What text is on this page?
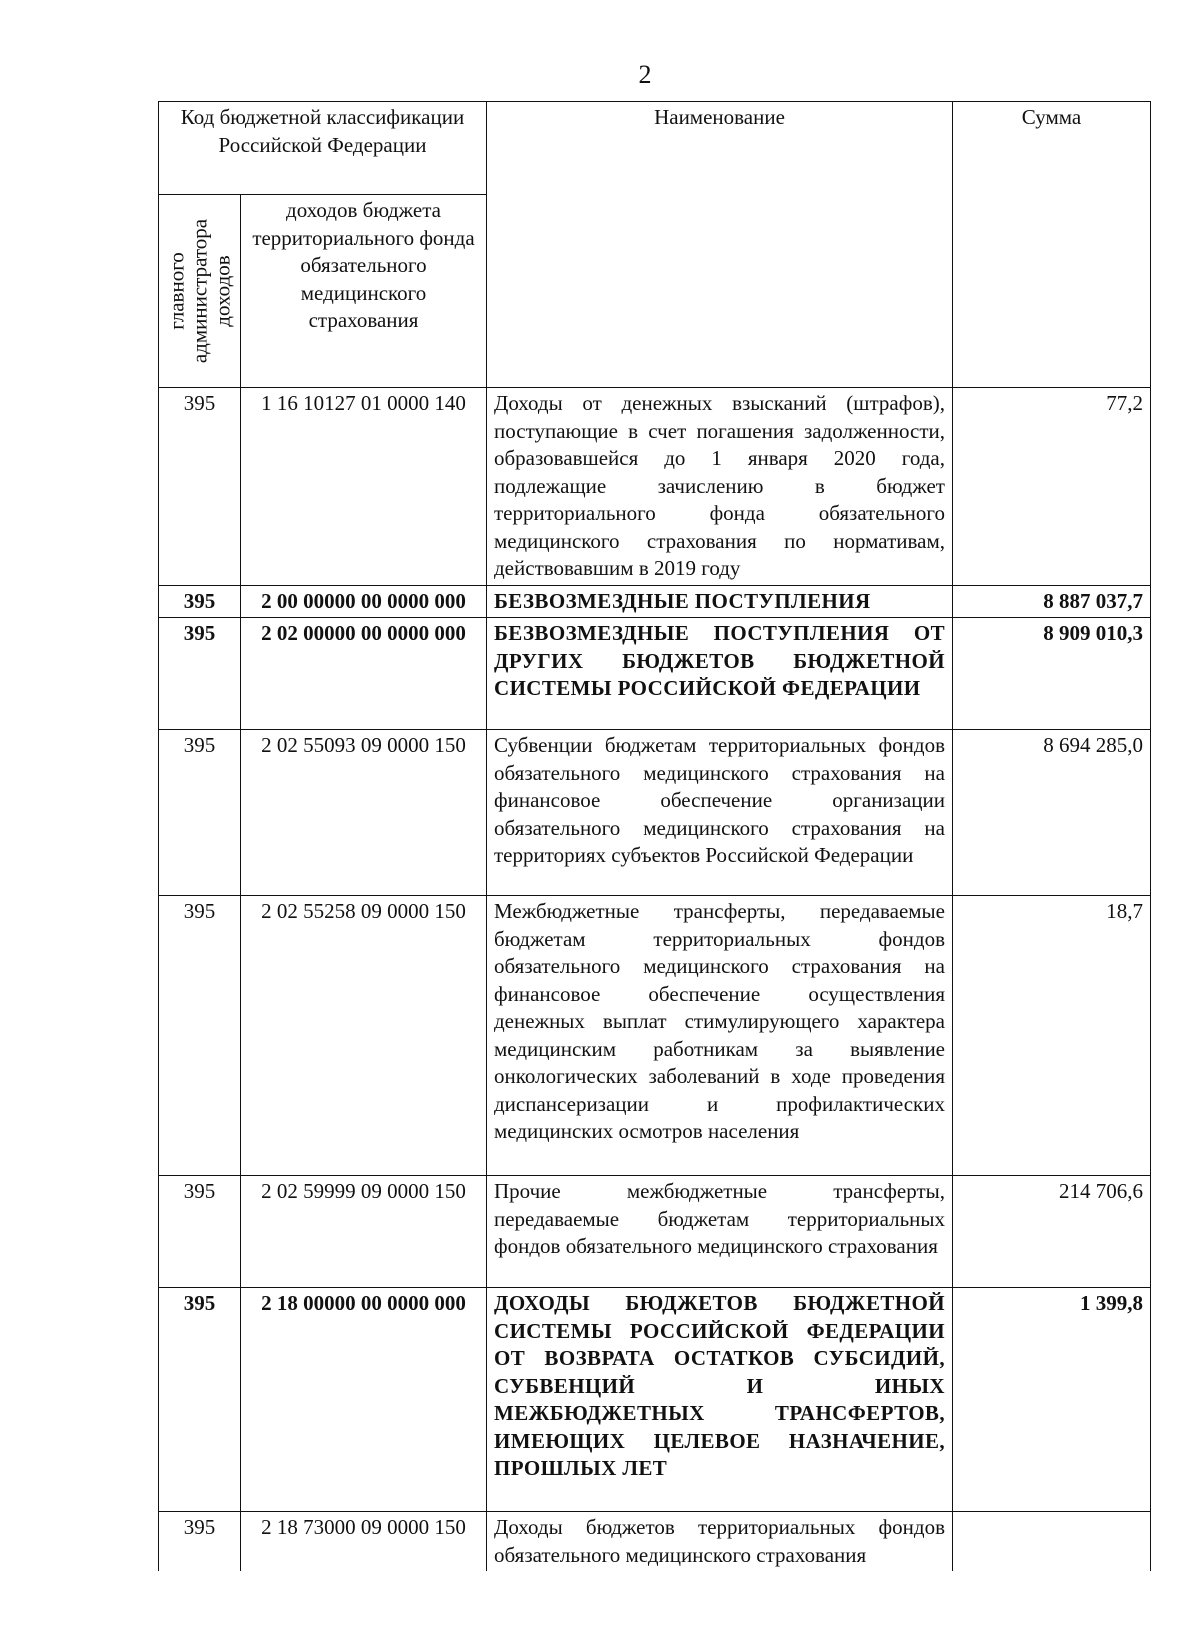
2
Код бюджетной классификации Российской Федерации		Наименование	Сумма

главного администратора доходов	доходов бюджета территориального фонда обязательного медицинского страхования		
395	1 16 10127 01 0000 140	Доходы от денежных взысканий (штрафов), поступающие в счет погашения задолженности, образовавшейся до 1 января 2020 года, подлежащие зачислению в бюджет территориального фонда обязательного медицинского страхования по нормативам, действовавшим в 2019 году	77,2
395	2 00 00000 00 0000 000	БЕЗВОЗМЕЗДНЫЕ ПОСТУПЛЕНИЯ	8 887 037,7
395	2 02 00000 00 0000 000	БЕЗВОЗМЕЗДНЫЕ ПОСТУПЛЕНИЯ ОТ ДРУГИХ БЮДЖЕТОВ БЮДЖЕТНОЙ СИСТЕМЫ РОССИЙСКОЙ ФЕДЕРАЦИИ	8 909 010,3
395	2 02 55093 09 0000 150	Субвенции бюджетам территориальных фондов обязательного медицинского страхования на финансовое обеспечение организации обязательного медицинского страхования на территориях субъектов Российской Федерации	8 694 285,0
395	2 02 55258 09 0000 150	Межбюджетные трансферты, передаваемые бюджетам территориальных фондов обязательного медицинского страхования на финансовое обеспечение осуществления денежных выплат стимулирующего характера медицинским работникам за выявление онкологических заболеваний в ходе проведения диспансеризации и профилактических медицинских осмотров населения	18,7
395	2 02 59999 09 0000 150	Прочие межбюджетные трансферты, передаваемые бюджетам территориальных фондов обязательного медицинского страхования	214 706,6
395	2 18 00000 00 0000 000	ДОХОДЫ БЮДЖЕТОВ БЮДЖЕТНОЙ СИСТЕМЫ РОССИЙСКОЙ ФЕДЕРАЦИИ ОТ ВОЗВРАТА ОСТАТКОВ СУБСИДИЙ, СУБВЕНЦИЙ И ИНЫХ МЕЖБЮДЖЕТНЫХ ТРАНСФЕРТОВ, ИМЕЮЩИХ ЦЕЛЕВОЕ НАЗНАЧЕНИЕ, ПРОШЛЫХ ЛЕТ	1 399,8
395	2 18 73000 09 0000 150	Доходы бюджетов территориальных фондов обязательного медицинского страхования	
